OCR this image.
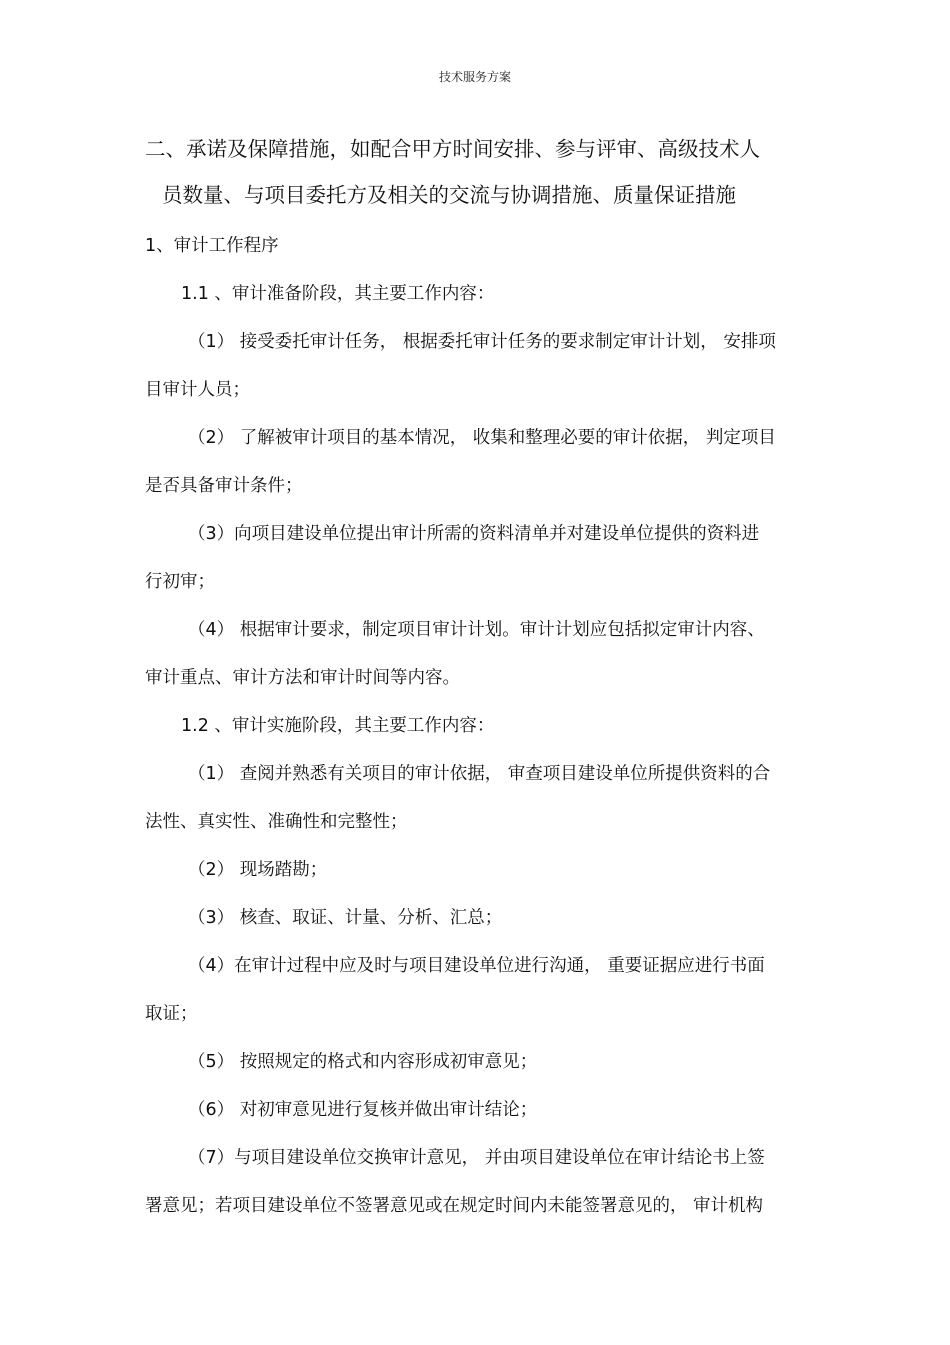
技术服务方案
二、承诺及保障措施，如配合甲方时间安排、参与评审、高级技术人
员数量、与项目委托方及相关的交流与协调措施、质量保证措施
1、审计工作程序
1.1 、审计准备阶段，其主要工作内容：
（1） 接受委托审计任务， 根据委托审计任务的要求制定审计计划， 安排项
目审计人员；
（2） 了解被审计项目的基本情况， 收集和整理必要的审计依据， 判定项目
是否具备审计条件；
（3）向项目建设单位提出审计所需的资料清单并对建设单位提供的资料进
行初审；
（4） 根据审计要求，制定项目审计计划。审计计划应包括拟定审计内容、
审计重点、审计方法和审计时间等内容。
1.2 、审计实施阶段，其主要工作内容：
（1） 查阅并熟悉有关项目的审计依据， 审查项目建设单位所提供资料的合
法性、真实性、准确性和完整性；
（2） 现场踏勘；
（3） 核查、取证、计量、分析、汇总；
（4）在审计过程中应及时与项目建设单位进行沟通， 重要证据应进行书面
取证；
（5） 按照规定的格式和内容形成初审意见；
（6） 对初审意见进行复核并做出审计结论；
（7）与项目建设单位交换审计意见， 并由项目建设单位在审计结论书上签
署意见；若项目建设单位不签署意见或在规定时间内未能签署意见的， 审计机构
